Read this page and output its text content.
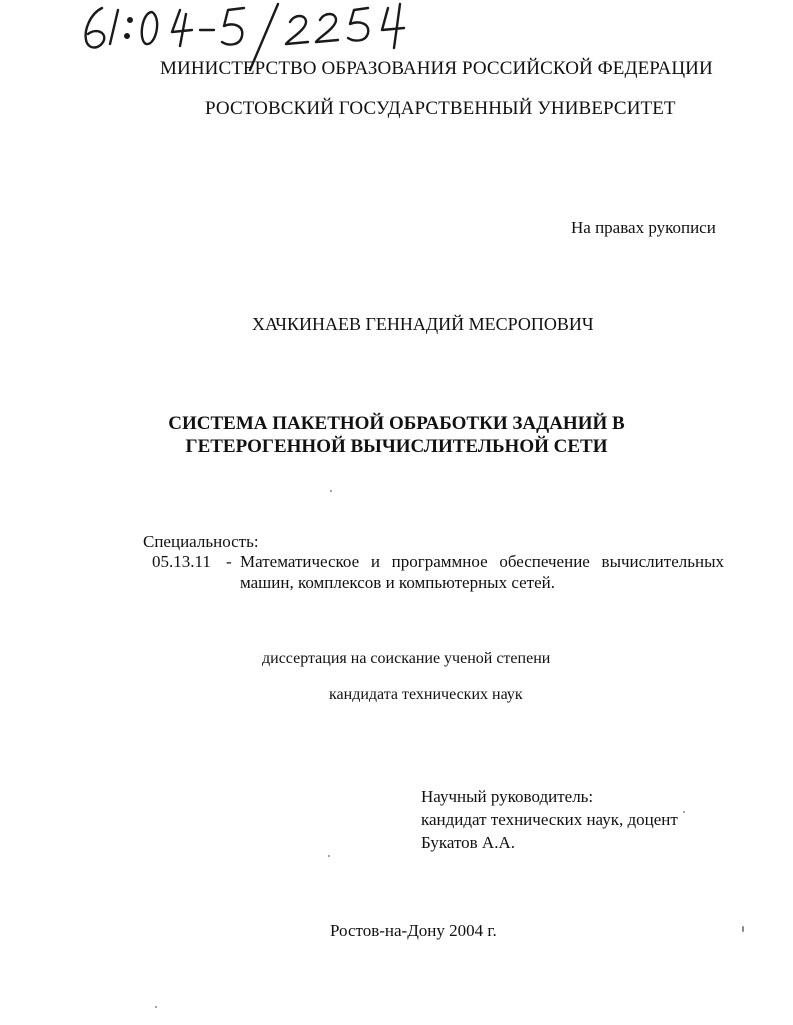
МИНИСТЕРСТВО ОБРАЗОВАНИЯ РОССИЙСКОЙ ФЕДЕРАЦИИ
РОСТОВСКИЙ ГОСУДАРСТВЕННЫЙ УНИВЕРСИТЕТ
На правах рукописи
ХАЧКИНАЕВ ГЕННАДИЙ МЕСРОПОВИЧ
СИСТЕМА ПАКЕТНОЙ ОБРАБОТКИ ЗАДАНИЙ В
ГЕТЕРОГЕННОЙ ВЫЧИСЛИТЕЛЬНОЙ СЕТИ
Специальность:
05.13.11 - Математическое и программное обеспечение вычислительных машин, комплексов и компьютерных сетей.
диссертация на соискание ученой степени
кандидата технических наук
Научный руководитель:
кандидат технических наук, доцент
Букатов А.А.
Ростов-на-Дону 2004 г.
